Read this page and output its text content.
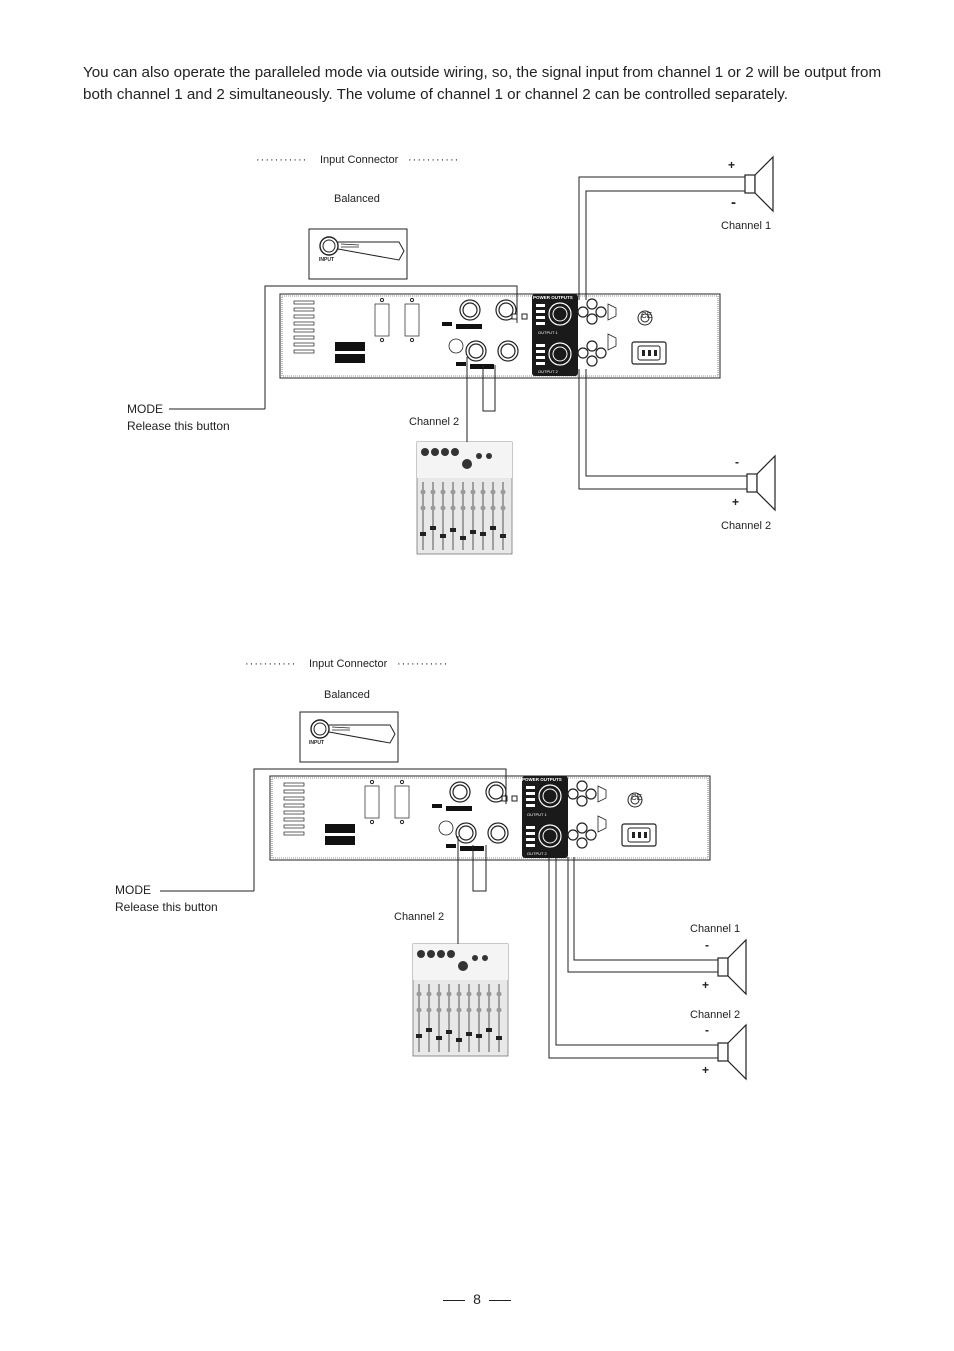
You can also operate the paralleled mode via outside wiring, so, the signal input from channel 1 or 2 will be output from both channel 1 and 2 simultaneously. The volume of channel 1 or channel 2 can be controlled separately.

··········· Input Connector ···········
Balanced
INPUT
MODE
Release this button	Channel 2
+
-
Channel 1
-
+
Channel 2
··········· Input Connector ···········
Balanced
INPUT
MODE
Release this button
Channel 2
Channel 1
-
+
Channel 2
-
+
POWER OUTPUTS
OUTPUT 1
OUTPUT 2
CE
POWER OUTPUTS
OUTPUT 1
OUTPUT 2
CE
8
